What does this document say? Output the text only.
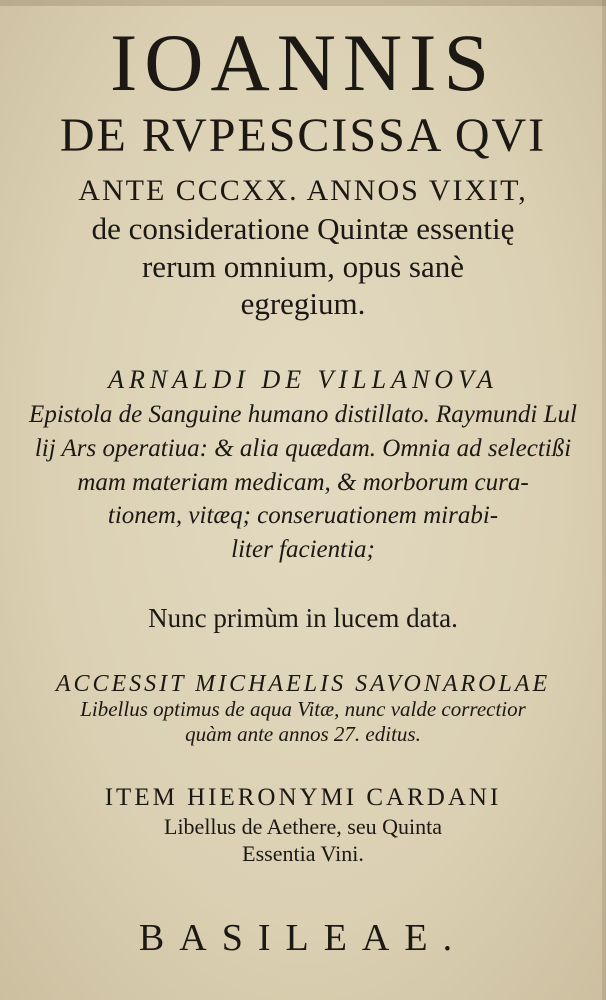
IOANNIS
DE RVPESCISSA QVI
ANTE CCCXX. ANNOS VIXIT,
de consideratione Quintæ essentię
rerum omnium, opus sanè
egregium.
ARNALDI DE VILLANOVA
Epistola de Sanguine humano distillato. Raymundi Lul
lij Ars operatiua: & alia quædam. Omnia ad selectißi
mam materiam medicam, & morborum cura-
tionem, vitæq; conseruationem mirabi-
liter facientia;
Nunc primùm in lucem data.
ACCESSIT MICHAELIS SAVONAROLAE
Libellus optimus de aqua Vitæ, nunc valde correctior
quàm ante annos 27. editus.
ITEM HIERONYMI CARDANI
Libellus de Aethere, seu Quinta
Essentia Vini.
BASILEAE.
